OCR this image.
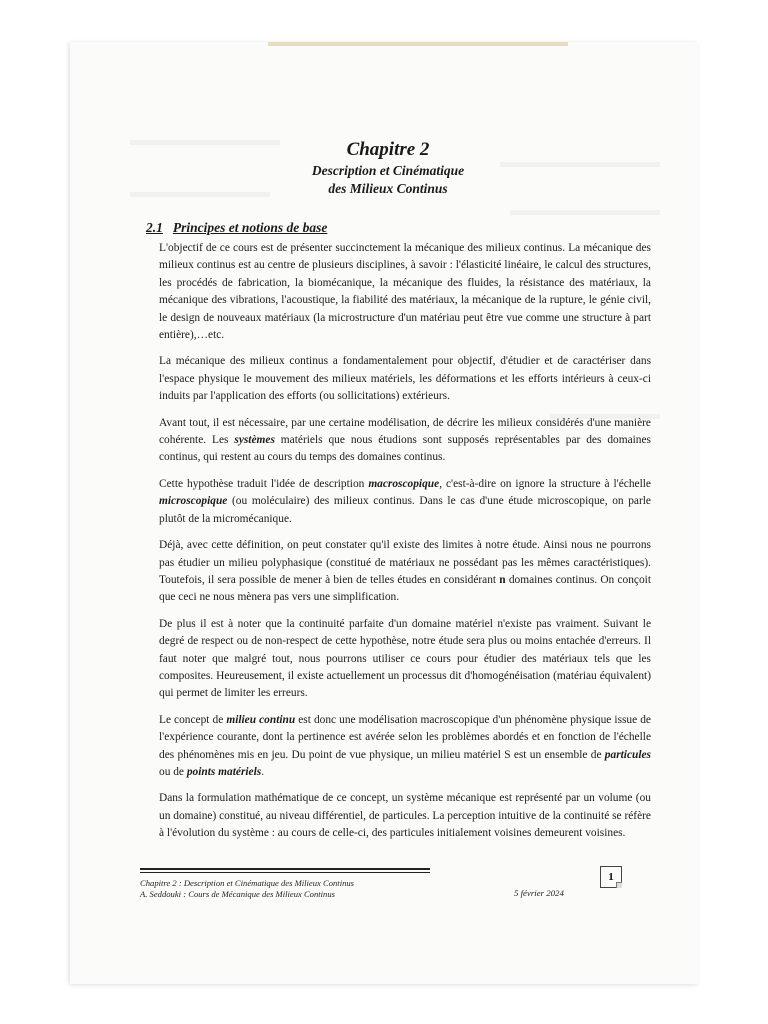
Chapitre 2
Description et Cinématique
des Milieux Continus
2.1 Principes et notions de base

L'objectif de ce cours est de présenter succinctement la mécanique des milieux continus. La mécanique des milieux continus est au centre de plusieurs disciplines, à savoir : l'élasticité linéaire, le calcul des structures, les procédés de fabrication, la biomécanique, la mécanique des fluides, la résistance des matériaux, la mécanique des vibrations, l'acoustique, la fiabilité des matériaux, la mécanique de la rupture, le génie civil, le design de nouveaux matériaux (la microstructure d'un matériau peut être vue comme une structure à part entière),…etc.

La mécanique des milieux continus a fondamentalement pour objectif, d'étudier et de caractériser dans l'espace physique le mouvement des milieux matériels, les déformations et les efforts intérieurs à ceux-ci induits par l'application des efforts (ou sollicitations) extérieurs.

Avant tout, il est nécessaire, par une certaine modélisation, de décrire les milieux considérés d'une manière cohérente. Les systèmes matériels que nous étudions sont supposés représentables par des domaines continus, qui restent au cours du temps des domaines continus.

Cette hypothèse traduit l'idée de description macroscopique, c'est-à-dire on ignore la structure à l'échelle microscopique (ou moléculaire) des milieux continus. Dans le cas d'une étude microscopique, on parle plutôt de la micromécanique.

Déjà, avec cette définition, on peut constater qu'il existe des limites à notre étude. Ainsi nous ne pourrons pas étudier un milieu polyphasique (constitué de matériaux ne possédant pas les mêmes caractéristiques). Toutefois, il sera possible de mener à bien de telles études en considérant n domaines continus. On conçoit que ceci ne nous mènera pas vers une simplification.

De plus il est à noter que la continuité parfaite d'un domaine matériel n'existe pas vraiment. Suivant le degré de respect ou de non-respect de cette hypothèse, notre étude sera plus ou moins entachée d'erreurs. Il faut noter que malgré tout, nous pourrons utiliser ce cours pour étudier des matériaux tels que les composites. Heureusement, il existe actuellement un processus dit d'homogénéisation (matériau équivalent) qui permet de limiter les erreurs.

Le concept de milieu continu est donc une modélisation macroscopique d'un phénomène physique issue de l'expérience courante, dont la pertinence est avérée selon les problèmes abordés et en fonction de l'échelle des phénomènes mis en jeu. Du point de vue physique, un milieu matériel S est un ensemble de particules ou de points matériels.

Dans la formulation mathématique de ce concept, un système mécanique est représenté par un volume (ou un domaine) constitué, au niveau différentiel, de particules. La perception intuitive de la continuité se réfère à l'évolution du système : au cours de celle-ci, des particules initialement voisines demeurent voisines.

Chapitre 2 : Description et Cinématique des Milieux Continus
A. Seddouki : Cours de Mécanique des Milieux Continus	5 février 2024
1
